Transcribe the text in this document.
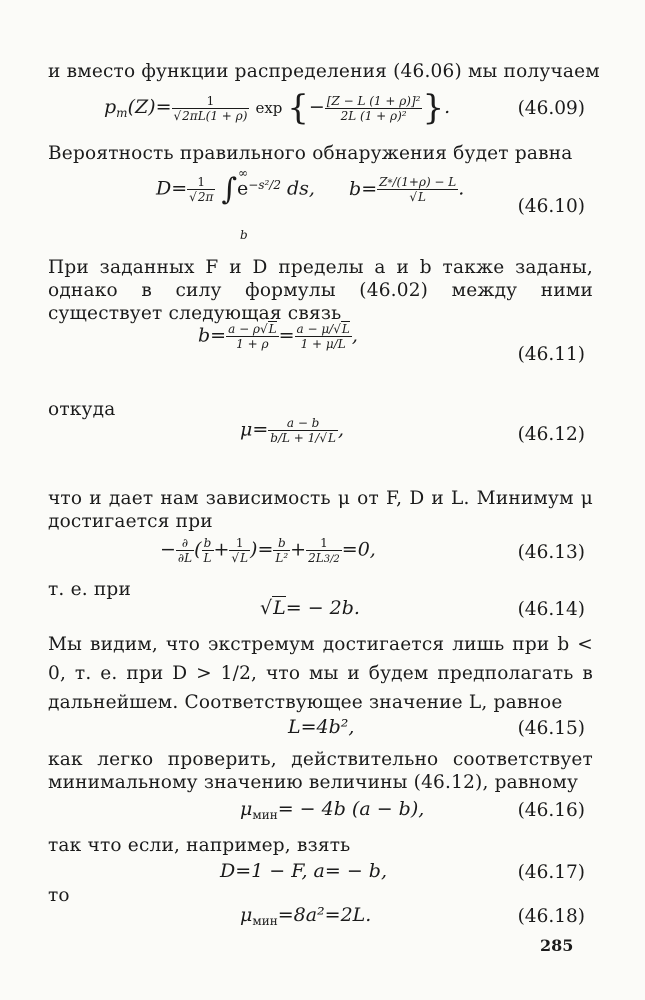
и вместо функции распределения (46.06) мы получаем
$p_m(Z)= \frac{1}{√2\pi L(1 + \rho)}$ exp {− $\frac{\text{[Z − L (1 + ρ)]²}}{\text{2L (1 + ρ)²}}$ }.	(46.09)
Вероятность правильного обнаружения будет равна
$D= \frac{1}{√2\pi} \int e^{-s^2/2}$ ds, $b= \frac{Z*/(1+\rho) - L}{√L}$ .
∞
b
(46.10)
При заданных F и D пределы a и b также заданы, однако в силу формулы (46.02) между ними существует следующая связь
$b= \frac{a - \rho√L}{1 + \rho} = \frac{a - \mu/√L}{1 + \mu/L}$ ,
(46.11)
откуда
$\mu= \frac{a - b}{b/L + 1/√L}$ ,	(46.12)
что и дает нам зависимость μ от F, D и L. Минимум μ достигается при
− $\frac{\partial}{\partial L}$ ( $\frac{b}{L} + \frac{1}{√L}$ )= $\frac{b}{\text{L²}} + \frac{1}{2L3/2} =0$,	(46.13)
т. е. при
√L= − 2b.	(46.14)
Мы видим, что экстремум достигается лишь при b < 0, т. е. при D > 1/2, что мы и будем предполагать в дальнейшем. Соответствующее значение L, равное
L=4b²,	(46.15)
как легко проверить, действительно соответствует минимальному значению величины (46.12), равному
$\mu_{мин}= - 4b$ (a − b),	(46.16)
так что если, например, взять
D=1 − F, a= − b,	(46.17)
то
$\mu_{мин}=8a^2=2L$.	(46.18)
285
